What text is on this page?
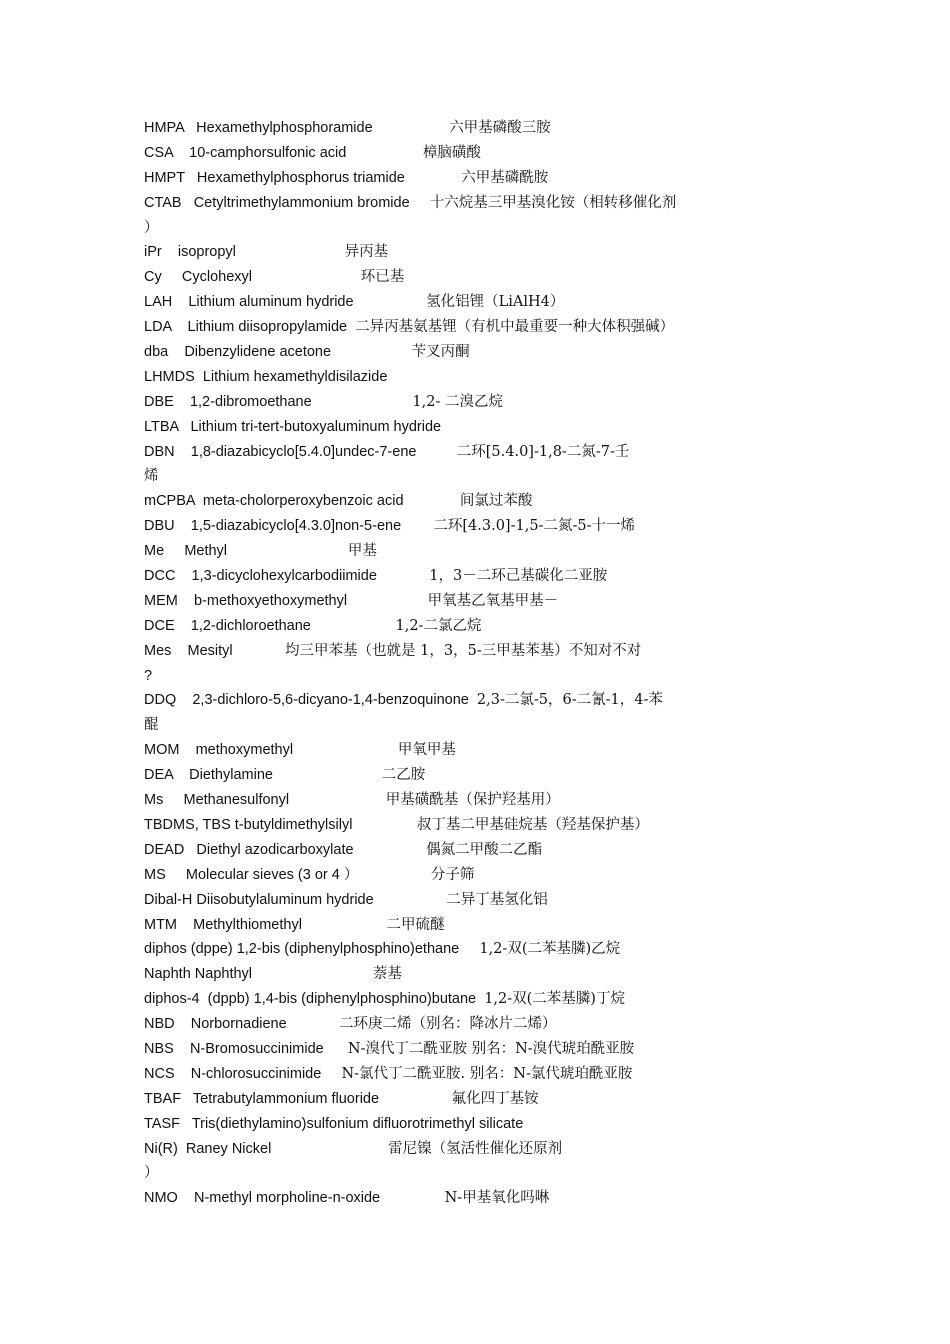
HMPA Hexamethylphosphoramide	六甲基磷酸三胺
CSA 10-camphorsulfonic acid	樟脑磺酸
HMPT Hexamethylphosphorus triamide	六甲基磷酰胺
CTAB Cetyltrimethylammonium bromide 十六烷基三甲基溴化铵（相转移催化剂
）
iPr isopropyl	异丙基
Cy Cyclohexyl	环已基
LAH Lithium aluminum hydride	氢化铝锂（LiAlH4）
LDA Lithium diisopropylamide 二异丙基氨基锂（有机中最重要一种大体积强碱）
dba Dibenzylidene acetone	苄叉丙酮
LHMDS Lithium hexamethyldisilazide
DBE 1,2-dibromoethane	1,2- 二溴乙烷
LTBA Lithium tri-tert-butoxyaluminum hydride
DBN 1,8-diazabicyclo[5.4.0]undec-7-ene	二环[5.4.0]-1,8-二氮-7-壬
烯
mCPBA meta-cholorperoxybenzoic acid	间氯过苯酸
DBU 1,5-diazabicyclo[4.3.0]non-5-ene 二环[4.3.0]-1,5-二氮-5-十一烯
Me Methyl	甲基
DCC 1,3-dicyclohexylcarbodiimide	1，3－二环己基碳化二亚胺
MEM b-methoxyethoxymethyl	甲氧基乙氧基甲基－
DCE 1,2-dichloroethane	1,2-二氯乙烷
Mes Mesityl	均三甲苯基（也就是 1，3，5-三甲基苯基）不知对不对
?
DDQ 2,3-dichloro-5,6-dicyano-1,4-benzoquinone 2,3-二氯-5，6-二氰-1，4-苯
醌
MOM methoxymethyl	甲氧甲基
DEA Diethylamine	二乙胺
Ms Methanesulfonyl	甲基磺酰基（保护羟基用）
TBDMS, TBS t-butyldimethylsilyl	叔丁基二甲基硅烷基（羟基保护基）
DEAD Diethyl azodicarboxylate	偶氮二甲酸二乙酯
MS Molecular sieves (3 or 4 ）	分子筛
Dibal-H Diisobutylaluminum hydride	二异丁基氢化铝
MTM Methylthiomethyl	二甲硫醚
diphos (dppe) 1,2-bis (diphenylphosphino)ethane 1,2-双(二苯基膦)乙烷
Naphth Naphthyl	萘基
diphos-4  (dppb) 1,4-bis (diphenylphosphino)butane 1,2-双(二苯基膦)丁烷
NBD Norbornadiene	二环庚二烯（别名：降冰片二烯）
NBS N-Bromosuccinimide N-溴代丁二酰亚胺 别名：N-溴代琥珀酰亚胺
NCS N-chlorosuccinimide N-氯代丁二酰亚胺. 别名：N-氯代琥珀酰亚胺
TBAF Tetrabutylammonium fluoride	氟化四丁基铵
TASF Tris(diethylamino)sulfonium difluorotrimethyl silicate
Ni(R) Raney Nickel	雷尼镍（氢活性催化还原剂
）
NMO N-methyl morpholine-n-oxide	N-甲基氧化吗啉
